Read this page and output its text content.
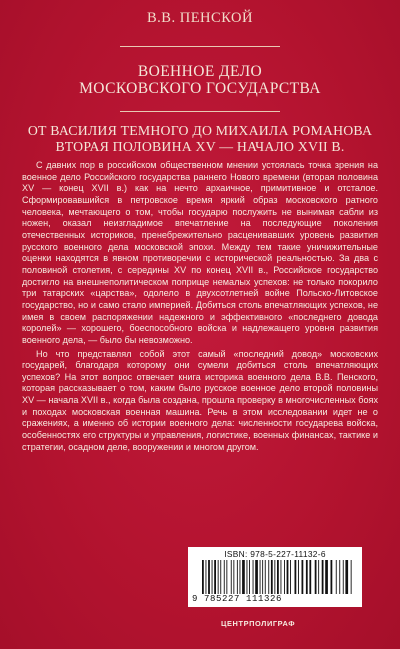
В.В. ПЕНСКОЙ
ВОЕННОЕ ДЕЛО
МОСКОВСКОГО ГОСУДАРСТВА
ОТ ВАСИЛИЯ ТЕМНОГО ДО МИХАИЛА РОМАНОВА
ВТОРАЯ ПОЛОВИНА XV — НАЧАЛО XVII В.

С давних пор в российском общественном мнении устоялась точка зрения на военное дело Российского государства раннего Нового времени (вторая половина XV — конец XVII в.) как на нечто архаичное, примитивное и отсталое. Сформировавшийся в петровское время яркий образ московского ратного человека, мечтающего о том, чтобы государю послужить не вынимая сабли из ножен, оказал неизгладимое впечатление на последующие поколения отечественных историков, пренебрежительно расценивавших уровень развития русского военного дела московской эпохи. Между тем такие уничижительные оценки находятся в явном противоречии с исторической реальностью. За два с половиной столетия, с середины XV по конец XVII в., Российское государство достигло на внешнеполитическом поприще немалых успехов: не только покорило три татарских «царства», одолело в двухсотлетней войне Польско-Литовское государство, но и само стало империей. Добиться столь впечатляющих успехов, не имея в своем распоряжении надежного и эффективного «последнего довода королей» — хорошего, боеспособного войска и надлежащего уровня развития военного дела, — было бы невозможно.

Но что представлял собой этот самый «последний довод» московских государей, благодаря которому они сумели добиться столь впечатляющих успехов? На этот вопрос отвечает книга историка военного дела В.В. Пенского, которая рассказывает о том, каким было русское военное дело второй половины XV — начала XVII в., когда была создана, прошла проверку в многочисленных боях и походах московская военная машина. Речь в этом исследовании идет не о сражениях, а именно об истории военного дела: численности государева войска, особенностях его структуры и управления, логистике, военных финансах, тактике и стратегии, осадном деле, вооружении и многом другом.

ISBN: 978-5-227-11132-6
9 785227 111326
ЦЕНТРПОЛИГРАФ
